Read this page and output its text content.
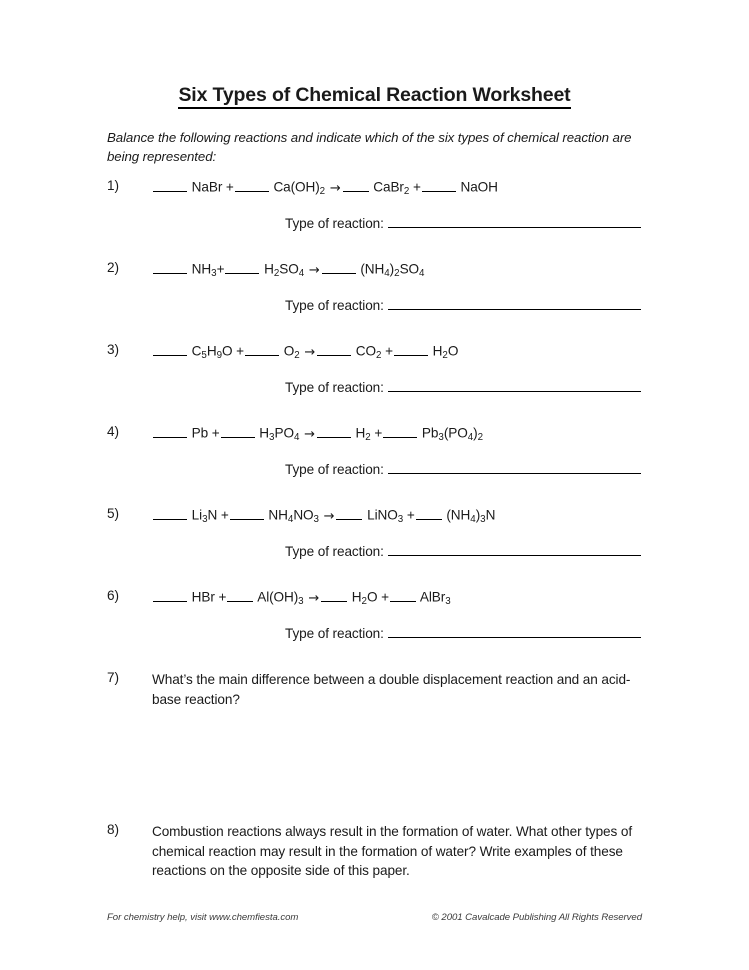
Six Types of Chemical Reaction Worksheet
Balance the following reactions and indicate which of the six types of chemical reaction are being represented:
1)	NaBr +	$Ca(OH)_2$ → CaBr$_2$ +	NaOH
Type of reaction:
2)	$NH_3+$	$H_2SO_4$ →	$(NH_4)_2SO_4$
Type of reaction:
3)	$C_5H_9O$ +	$O_2$ →	$CO_2$ +	$H_2O$
Type of reaction:
4)	Pb +	$H_3PO_4$ →	$H_2$ +	$Pb_3(PO_4)_2$
Type of reaction:
5)	$Li_3N$ +	$NH_4NO_3$ → LiNO$_3$ + $(NH_4)_3N$
Type of reaction:
6)	HBr + $Al(OH)_3 \to H_2O$ + AlBr$_3$
Type of reaction:
7)	What’s the main difference between a double displacement reaction and an acid-base reaction?
8)	Combustion reactions always result in the formation of water. What other types of chemical reaction may result in the formation of water? Write examples of these reactions on the opposite side of this paper.
For chemistry help, visit www.chemfiesta.com	© 2001 Cavalcade Publishing All Rights Reserved
